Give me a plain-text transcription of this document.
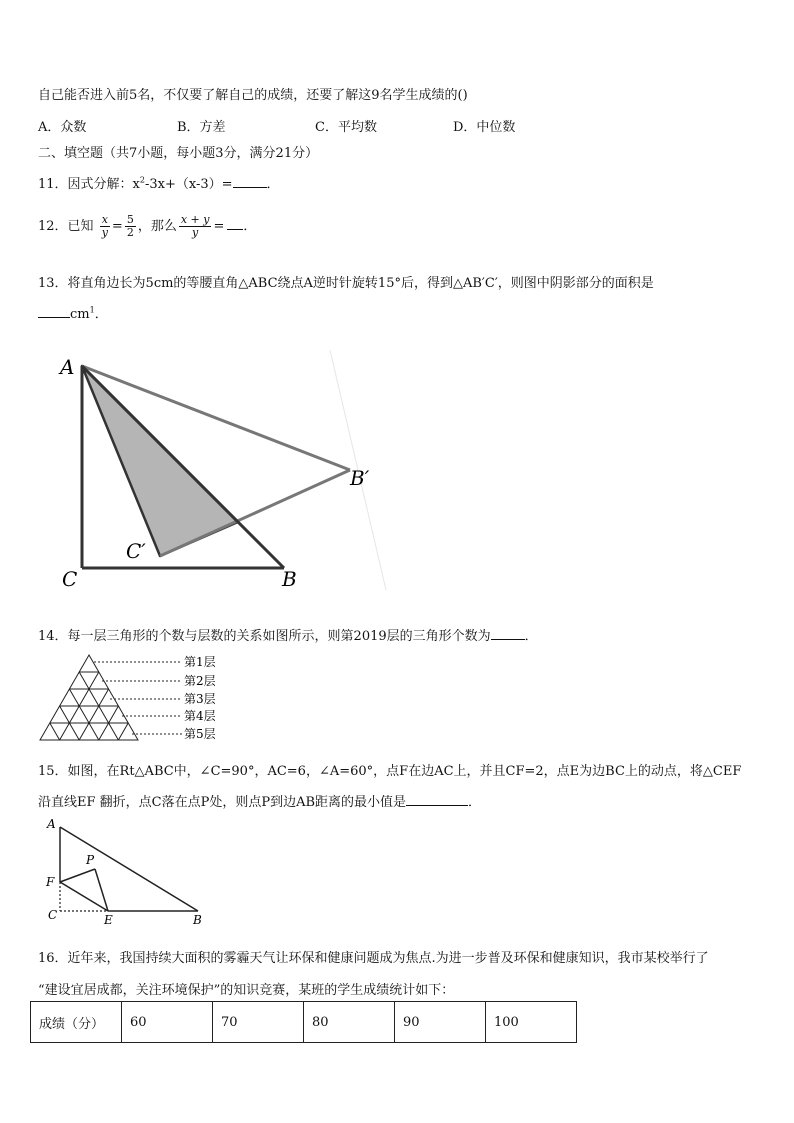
自己能否进入前5名，不仅要了解自己的成绩，还要了解这9名学生成绩的()
A．众数	B．方差	C．平均数	D．中位数
二、填空题（共7小题，每小题3分，满分21分）
11．因式分解：$x^2-3x+(x-3)=$	．
12．已知 $\frac{x}{y} = \frac{5}{2}$ ，那么 $\frac{x + y}{y}$ = ．
13．将直角边长为5cm的等腰直角△ABC绕点A逆时针旋转15°后，得到△AB′C′，则图中阴影部分的面积是
$cm^1$．
A
C	B
B′
C′
14．每一层三角形的个数与层数的关系如图所示，则第2019层的三角形个数为	．
第1层
第2层
第3层
第4层
第5层
15．如图，在Rt△ABC中，∠C=90°，AC=6，∠A=60°，点F在边AC上，并且CF=2，点E为边BC上的动点，将△CEF
沿直线EF 翻折，点C落在点P处，则点P到边AB距离的最小值是	．
A
P
F
C	E	B
16．近年来，我国持续大面积的雾霾天气让环保和健康问题成为焦点.为进一步普及环保和健康知识，我市某校举行了
“建设宜居成都，关注环境保护”的知识竞赛，某班的学生成绩统计如下：
成绩（分）	60	70	80	90	100
